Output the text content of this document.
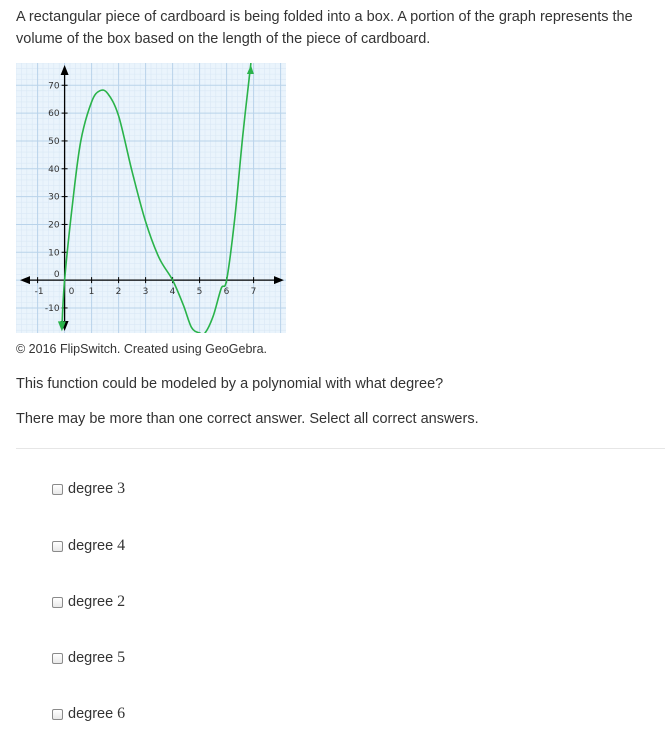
A rectangular piece of cardboard is being folded into a box. A portion of the graph represents the volume of the box based on the length of the piece of cardboard.
-1	0 1 2 3 4 5 6 7
-10
0
10
20
30
40
50
60
70
© 2016 FlipSwitch. Created using GeoGebra.
This function could be modeled by a polynomial with what degree?
There may be more than one correct answer. Select all correct answers.
degree 3
degree 4
degree 2
degree 5
degree 6
